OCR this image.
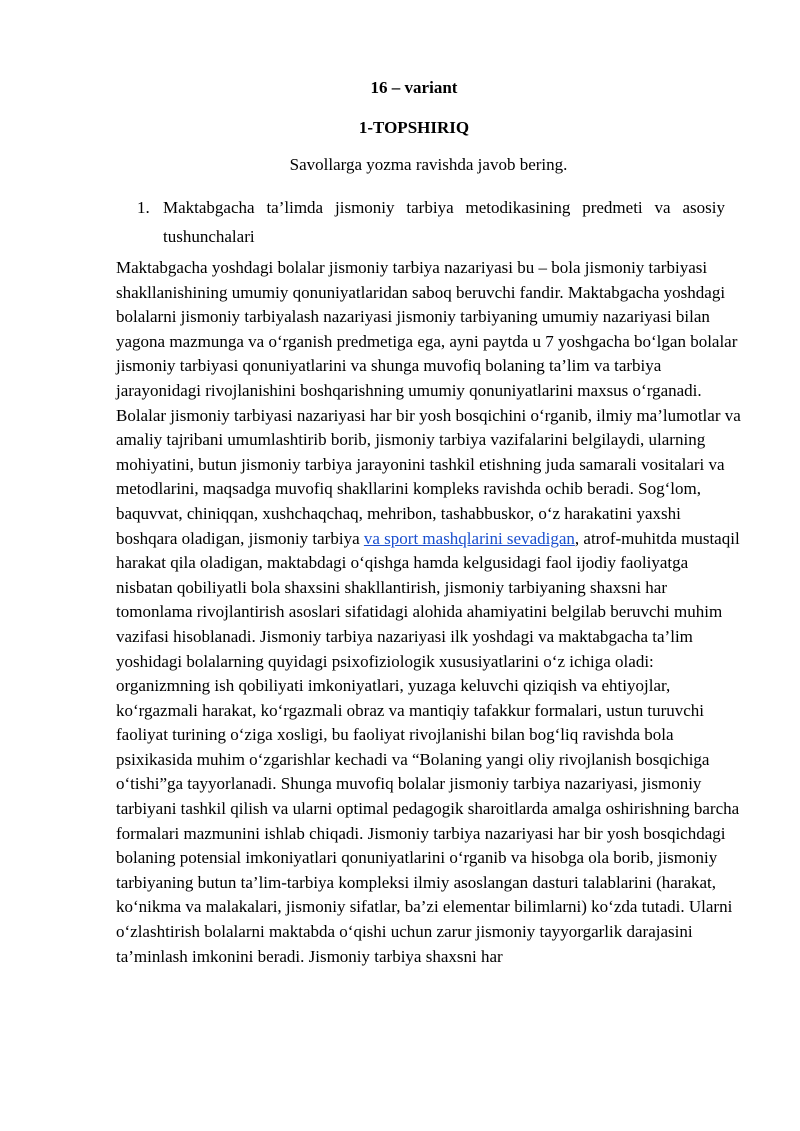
16 – variant
1-TOPSHIRIQ
Savollarga yozma ravishda javob bering.
1. Maktabgacha ta’limda jismoniy tarbiya metodikasining predmeti va asosiy tushunchalari

Maktabgacha yoshdagi bolalar jismoniy tarbiya nazariyasi bu – bola jismoniy tarbiyasi shakllanishining umumiy qonuniyatlaridan saboq beruvchi fandir. Maktabgacha yoshdagi bolalarni jismoniy tarbiyalash nazariyasi jismoniy tarbiyaning umumiy nazariyasi bilan yagona mazmunga va o‘rganish predmetiga ega, ayni paytda u 7 yoshgacha bo‘lgan bolalar jismoniy tarbiyasi qonuniyatlarini va shunga muvofiq bolaning ta’lim va tarbiya jarayonidagi rivojlanishini boshqarishning umumiy qonuniyatlarini maxsus o‘rganadi. Bolalar jismoniy tarbiyasi nazariyasi har bir yosh bosqichini o‘rganib, ilmiy ma’lumotlar va amaliy tajribani umumlashtirib borib, jismoniy tarbiya vazifalarini belgilaydi, ularning mohiyatini, butun jismoniy tarbiya jarayonini tashkil etishning juda samarali vositalari va metodlarini, maqsadga muvofiq shakllarini kompleks ravishda ochib beradi. Sog‘lom, baquvvat, chiniqqan, xushchaqchaq, mehribon, tashabbuskor, o‘z harakatini yaxshi boshqara oladigan, jismoniy tarbiya va sport mashqlarini sevadigan, atrof-muhitda mustaqil harakat qila oladigan, maktabdagi o‘qishga hamda kelgusidagi faol ijodiy faoliyatga nisbatan qobiliyatli bola shaxsini shakllantirish, jismoniy tarbiyaning shaxsni har tomonlama rivojlantirish asoslari sifatidagi alohida ahamiyatini belgilab beruvchi muhim vazifasi hisoblanadi. Jismoniy tarbiya nazariyasi ilk yoshdagi va maktabgacha ta’lim yoshidagi bolalarning quyidagi psixofiziologik xususiyatlarini o‘z ichiga oladi: organizmning ish qobiliyati imkoniyatlari, yuzaga keluvchi qiziqish va ehtiyojlar, ko‘rgazmali harakat, ko‘rgazmali obraz va mantiqiy tafakkur formalari, ustun turuvchi faoliyat turining o‘ziga xosligi, bu faoliyat rivojlanishi bilan bog‘liq ravishda bola psixikasida muhim o‘zgarishlar kechadi va “Bolaning yangi oliy rivojlanish bosqichiga o‘tishi”ga tayyorlanadi. Shunga muvofiq bolalar jismoniy tarbiya nazariyasi, jismoniy tarbiyani tashkil qilish va ularni optimal pedagogik sharoitlarda amalga oshirishning barcha formalari mazmunini ishlab chiqadi. Jismoniy tarbiya nazariyasi har bir yosh bosqichdagi bolaning potensial imkoniyatlari qonuniyatlarini o‘rganib va hisobga ola borib, jismoniy tarbiyaning butun ta’lim-tarbiya kompleksi ilmiy asoslangan dasturi talablarini (harakat, ko‘nikma va malakalari, jismoniy sifatlar, ba’zi elementar bilimlarni) ko‘zda tutadi. Ularni o‘zlashtirish bolalarni maktabda o‘qishi uchun zarur jismoniy tayyorgarlik darajasini ta’minlash imkonini beradi. Jismoniy tarbiya shaxsni har
